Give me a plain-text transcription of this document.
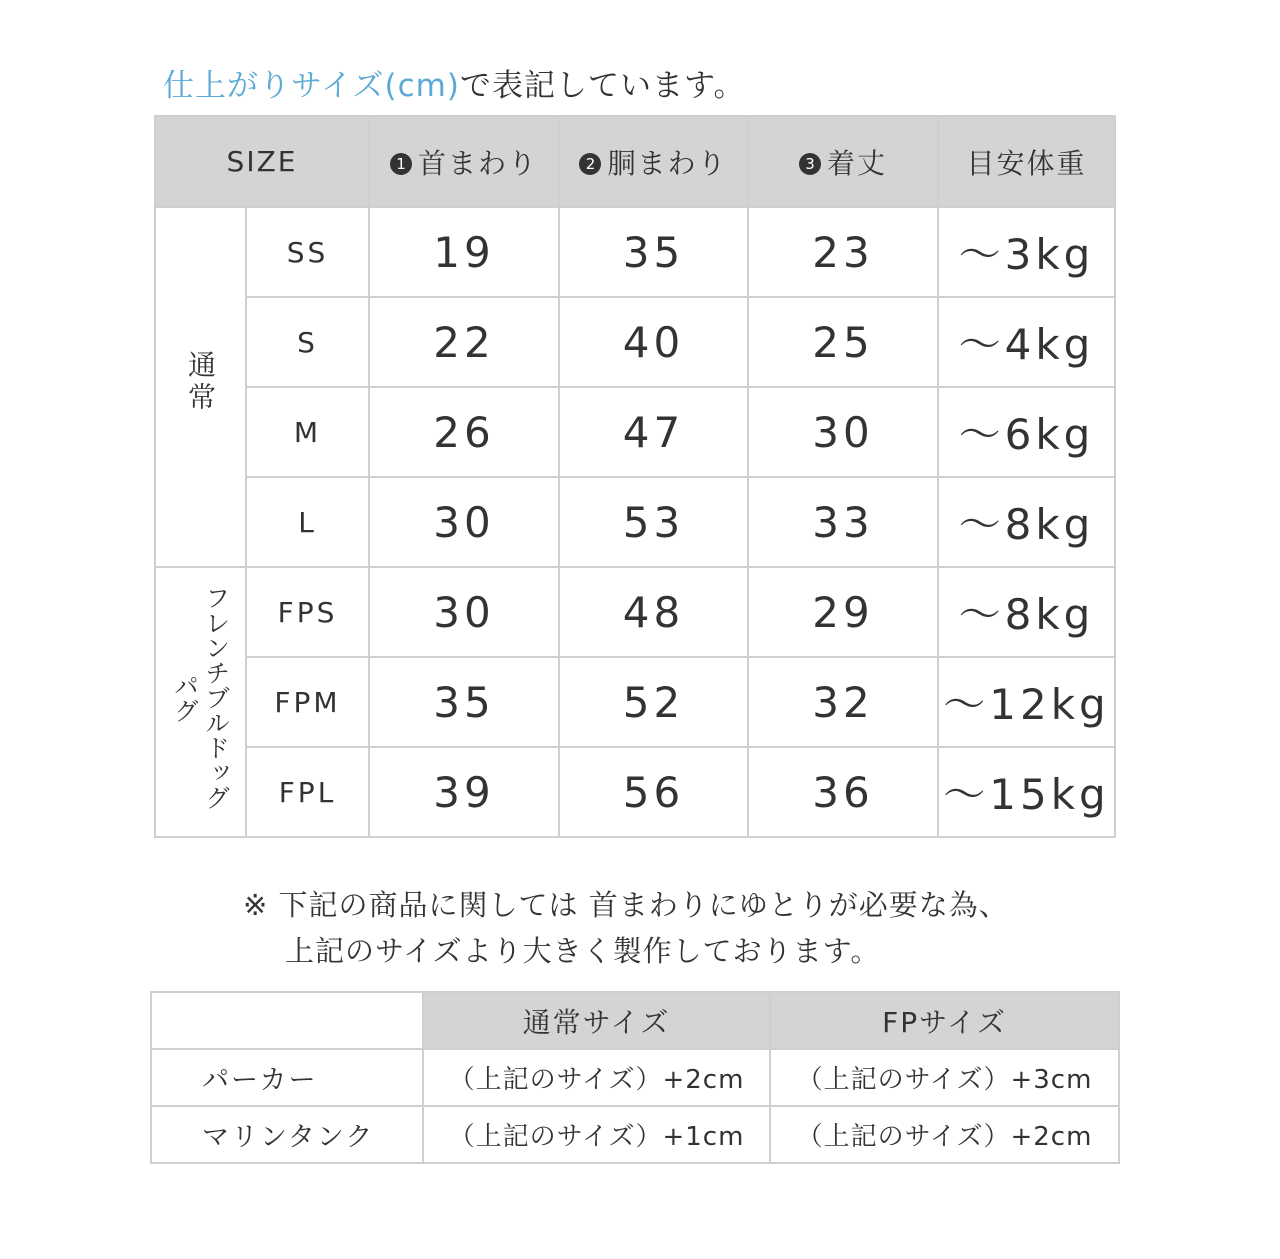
仕上がりサイズ(cm)で表記しています。
SIZE		1 首まわり	2 胴まわり	3 着丈	目安体重
通常	SS	19	35	23	～3kg
	S	22	40	25	～4kg
	M	26	47	30	～6kg
	L	30	53	33	～8kg
パグフレンチブルドッグ	FPS	30	48	29	～8kg
	FPM	35	52	32	～12kg
	FPL	39	56	36	～15kg
※ 下記の商品に関しては 首まわりにゆとりが必要な為、
上記のサイズより大きく製作しております。
	通常サイズ	FPサイズ
パーカー	（上記のサイズ）+2cm	（上記のサイズ）+3cm
マリンタンク	（上記のサイズ）+1cm	（上記のサイズ）+2cm
